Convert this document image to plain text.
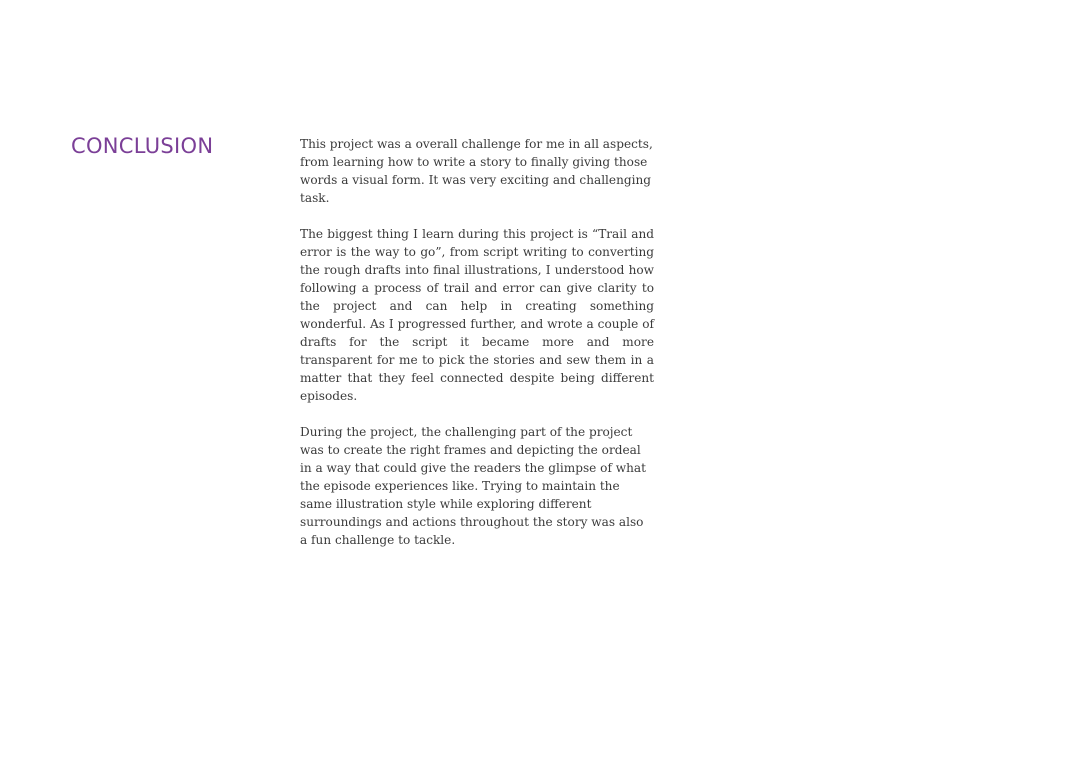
CONCLUSION	This project was a overall challenge for me in all aspects, from learning how to write a story to finally giving those words a visual form. It was very exciting and challenging task.

The biggest thing I learn during this project is “Trail and error is the way to go”, from script writing to converting the rough drafts into final illustrations, I understood how following a process of trail and error can give clarity to the project and can help in creating something wonderful. As I progressed further, and wrote a couple of drafts for the script it became more and more transparent for me to pick the stories and sew them in a matter that they feel connected despite being different episodes.

During the project, the challenging part of the project was to create the right frames and depicting the ordeal in a way that could give the readers the glimpse of what the episode experiences like. Trying to maintain the same illustration style while exploring different surroundings and actions throughout the story was also a fun challenge to tackle.
